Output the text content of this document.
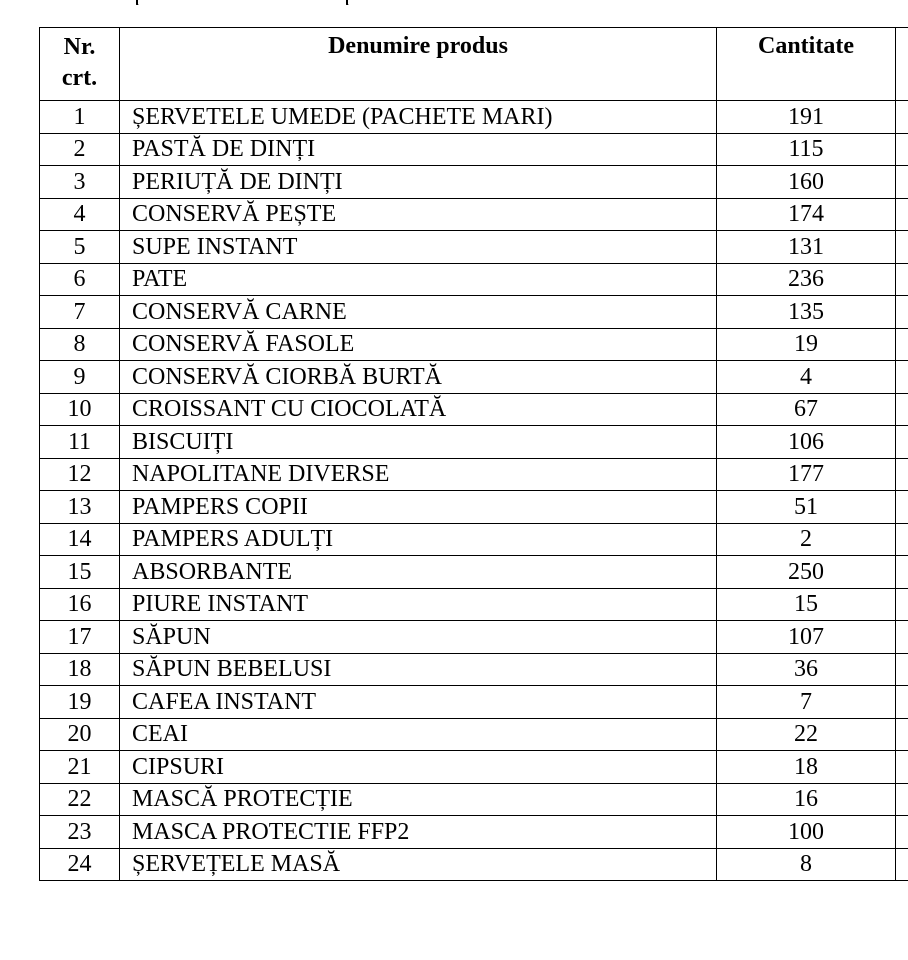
Nr.
crt.	Denumire produs	Cantitate	
1	ȘERVETELE UMEDE (PACHETE MARI)	191	
2	PASTĂ DE DINȚI	115	
3	PERIUȚĂ DE DINȚI	160	
4	CONSERVĂ PEȘTE	174	
5	SUPE INSTANT	131	
6	PATE	236	
7	CONSERVĂ CARNE	135	
8	CONSERVĂ FASOLE	19	
9	CONSERVĂ CIORBĂ BURTĂ	4	
10	CROISSANT CU CIOCOLATĂ	67	
11	BISCUIȚI	106	
12	NAPOLITANE DIVERSE	177	
13	PAMPERS COPII	51	
14	PAMPERS ADULȚI	2	
15	ABSORBANTE	250	
16	PIURE INSTANT	15	
17	SĂPUN	107	
18	SĂPUN BEBELUSI	36	
19	CAFEA INSTANT	7	
20	CEAI	22	
21	CIPSURI	18	
22	MASCĂ PROTECȚIE	16	
23	MASCA PROTECTIE FFP2	100	
24	ȘERVEȚELE MASĂ	8	
